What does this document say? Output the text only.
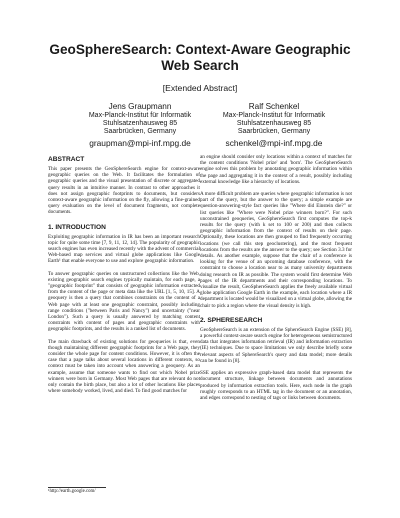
GeoSphereSearch: Context-Aware Geographic
Web Search
[Extended Abstract]
Jens Graupmann
Max-Planck-Institut für Informatik
Stuhlsatzenhausweg 85
Saarbrücken, Germany
graupman@mpi-inf.mpg.de
Ralf Schenkel
Max-Planck-Institut für Informatik
Stuhlsatzenhausweg 85
Saarbrücken, Germany
schenkel@mpi-inf.mpg.de
ABSTRACT

This paper presents the GeoSphereSearch engine for context-aware geographic queries on the Web. It facilitates the formulation of geographic queries and the visual presentation of discrete or aggregated query results in an intuitive manner. In contrast to other approaches it does not assign geographic footprints to documents, but considers context-aware geographic information on the fly, allowing a fine-grained query evaluation on the level of document fragments, not complete documents.

1. INTRODUCTION

Exploiting geographic information in IR has been an important research topic for quite some time [7, 9, 11, 12, 14]. The popularity of geographic search engines has even increased recently with the advent of commercial Web-based map services and virtual globe applications like Google Earth¹ that enable everyone to use and explore geographic information.

To answer geographic queries on unstructured collections like the Web, existing geographic search engines typically maintain, for each page, a "geographic footprint" that consists of geographic information extracted from the content of the page or meta data like the URL [1, 5, 10, 15]. A geoquery is then a query that combines constraints on the content of a Web page with at least one geographic constraint, possibly including range conditions ("between Paris and Nancy") and uncertainty ("near London"). Such a query is usually answered by matching content constraints with content of pages and geographic constraints with geographic footprints, and the results is a ranked list of documents.

The main drawback of existing solutions for geoqueries is that, even though maintaining different geographic footprints for a Web page, they consider the whole page for content conditions. However, it is often the case that a page talks about several locations in different contexts, so context must be taken into account when answering a geoquery. As an example, assume that someone wants to find out which Nobel prize winners were born in Germany. Most Web pages that are relevant do not only contain the birth place, but also a lot of other locations like places where somebody worked, lived, and died. To find good matches for

an engine should consider only locations within a context of matches for the content conditions 'Nobel prize' and 'born'. The GeoSphereSearch engine solves this problem by annotating geographic information within the page and aggregating it in the context of a result, possibly including external knowledge like a hierarchy of locations.

A more difficult problem are queries where geographic information is not part of the query, but the answer to the query; a simple example are question-answering-style fact queries like "Where did Einstein die?" or list queries like "Where were Nobel prize winners born?". For such unconstrained geoqueries, GeoSphereSearch first computes the top-k results for the query (with k set to 100 or 200) and then collects geographic information from the context of results on their page. Optionally, these locations are then grouped to find frequently occurring locations (we call this step geoclustering), and the most frequent locations from the results are the answer to the query; see Section 3.3 for details. As another example, suppose that the chair of a conference is looking for the venue of an upcoming database conference, with the constraint to choose a location near to as many university departments doing research on IR as possible. The system would first determine Web pages of the IR departments and their corresponding locations. To visualize the result, GeoSphereSearch applies the freely available virtual globe application Google Earth in the example, each location where a IR department is located would be visualized on a virtual globe, allowing the chair to pick a region where the visual density is high.

2. SPHERESEARCH

GeoSphereSearch is an extension of the SphereSearch Engine (SSE) [8], a powerful context-aware search engine for heterogeneous semistructured data that integrates information retrieval (IR) and information extraction (IE) techniques. Due to space limitations we only describe briefly some relevant aspects of SphereSearch's query and data model; more details can be found in [8].

SSE applies an expressive graph-based data model that represents the document structure, linkage between documents and annotations produced by information extraction tools. Here, each node in the graph roughly corresponds to an HTML tag in the document or an annotation, and edges correspond to nesting of tags or links between documents.

¹http://earth.google.com/
